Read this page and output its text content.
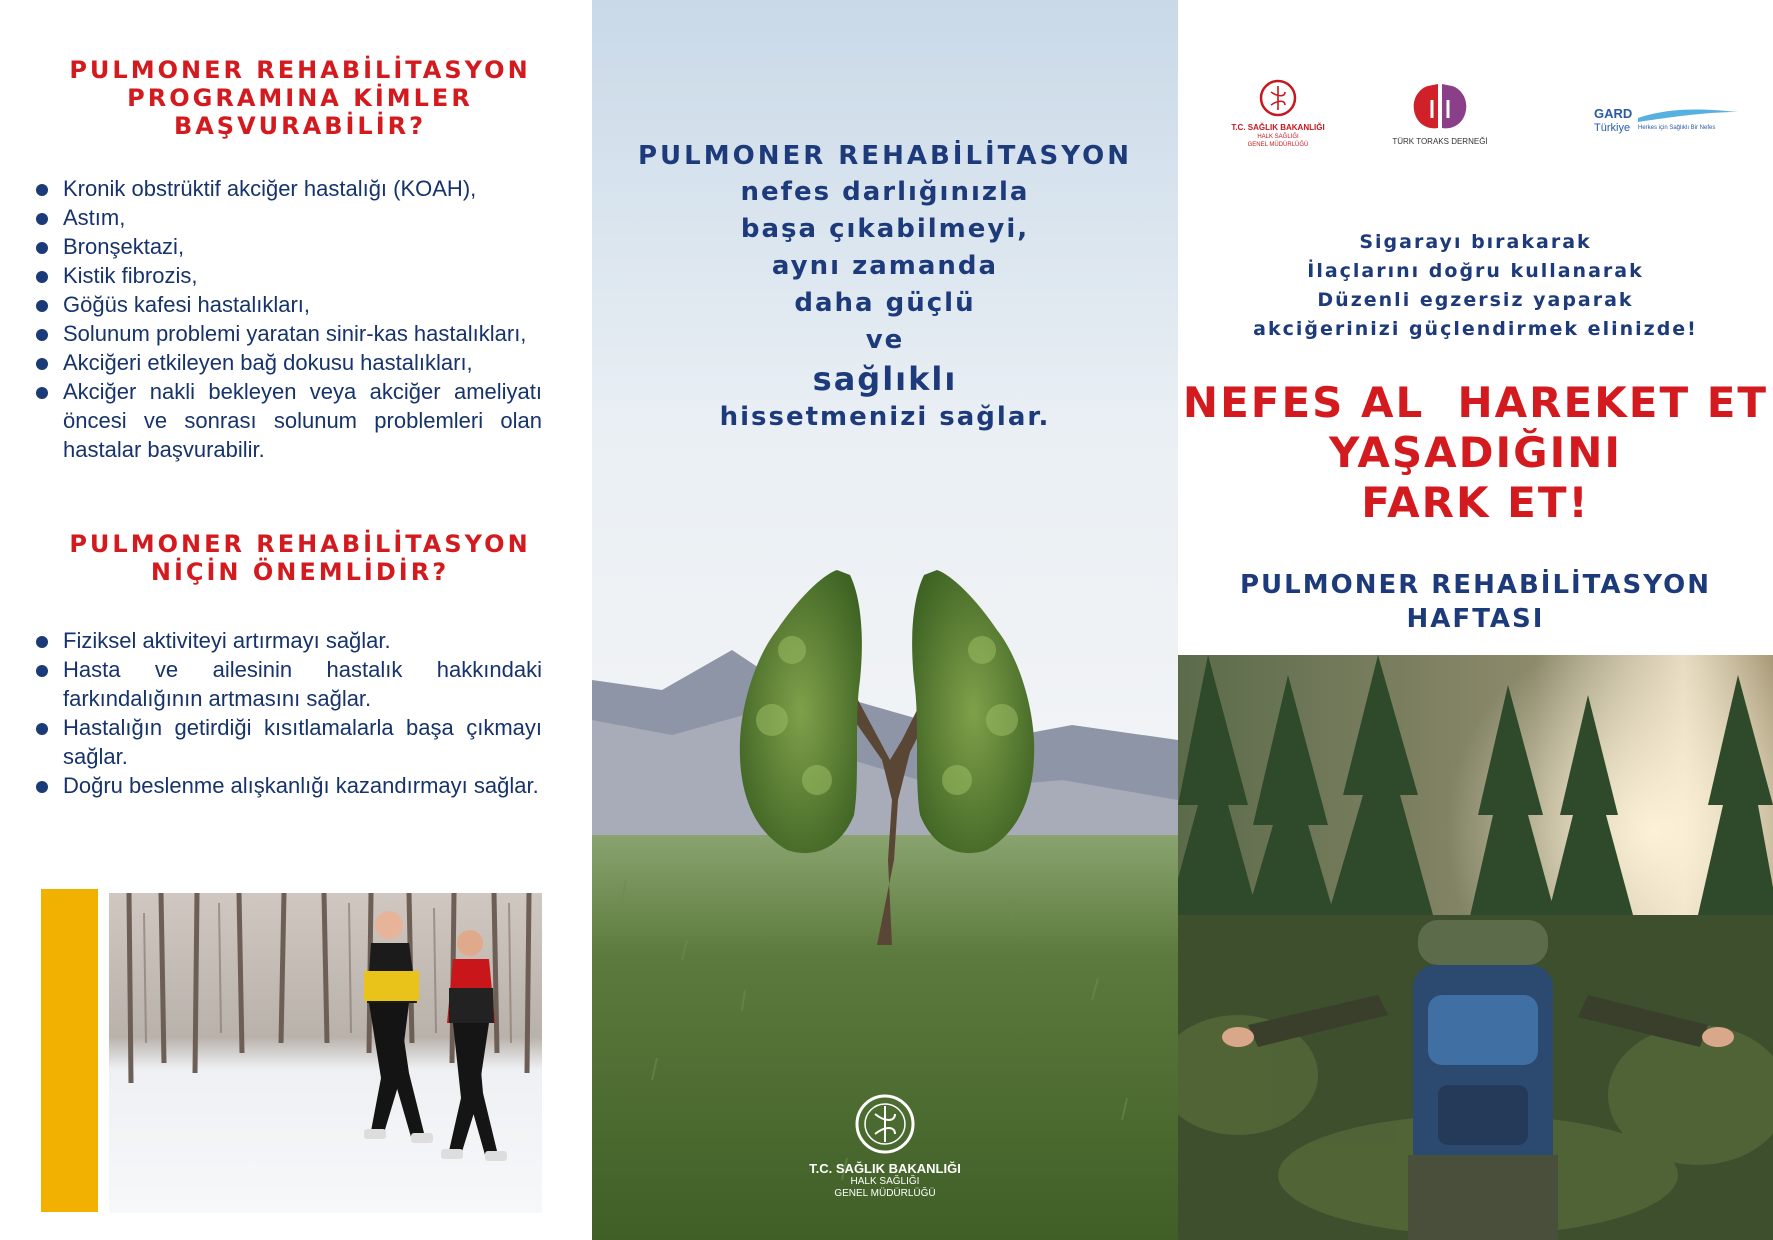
PULMONER REHABİLİTASYON

PROGRAMINA KİMLER

BAŞVURABİLİR?

Kronik obstrüktif akciğer hastalığı (KOAH),
Astım,
Bronşektazi,
Kistik fibrozis,
Göğüs kafesi hastalıkları,
Solunum problemi yaratan sinir-kas hastalıkları,
Akciğeri etkileyen bağ dokusu hastalıkları,
Akciğer nakli bekleyen veya akciğer ameliyatı öncesi ve sonrası solunum problemleri olan hastalar başvurabilir.

PULMONER REHABİLİTASYON

NİÇİN ÖNEMLİDİR?

Fiziksel aktiviteyi artırmayı sağlar.
Hasta ve ailesinin hastalık hakkındaki farkındalığının artmasını sağlar.
Hastalığın getirdiği kısıtlamalarla başa çıkmayı sağlar.
Doğru beslenme alışkanlığı kazandırmayı sağlar.
PULMONER REHABİLİTASYON
nefes darlığınızla
başa çıkabilmeyi,
aynı zamanda
daha güçlü
ve
sağlıklı
hissetmenizi sağlar.
T.C. SAĞLIK BAKANLIĞI
HALK SAĞLIĞI
GENEL MÜDÜRLÜĞÜ
T.C. SAĞLIK BAKANLIĞI
HALK SAĞLIĞI
GENEL MÜDÜRLÜĞÜ	TÜRK TORAKS DERNEĞİ
GARD
Türkiye Herkes için Sağlıklı Bir Nefes
Sigarayı bırakarak
İlaçlarını doğru kullanarak
Düzenli egzersiz yaparak
akciğerinizi güçlendirmek elinizde!
NEFES AL  HAREKET ET
YAŞADIĞINI
FARK ET!
PULMONER REHABİLİTASYON HAFTASI
